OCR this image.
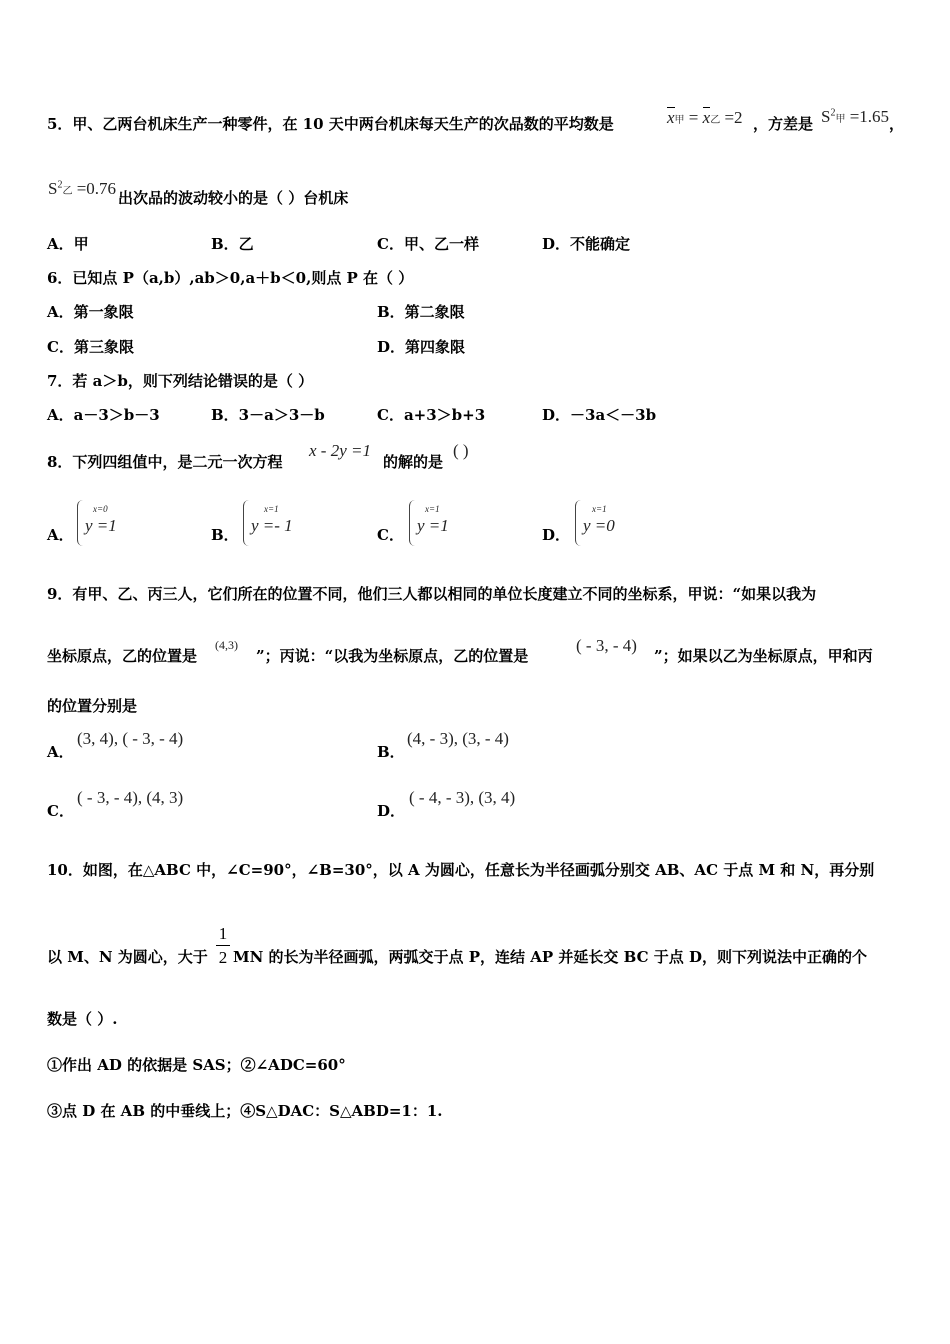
5．甲、乙两台机床生产一种零件，在 10 天中两台机床每天生产的次品数的平均数是	x甲 = x乙 =2 ，方差是 $S^2$甲 =1.65 ，
$S^2$乙 =0.76 出次品的波动较小的是（ ）台机床
A．甲	B．乙	C．甲、乙一样	D．不能确定
6．已知点 P（a,b）,ab＞0,a＋b＜0,则点 P 在（ ）
A．第一象限	B．第二象限
C．第三象限	D．第四象限
7．若 a＞b，则下列结论错误的是（ ）
A．a－3＞b－3	B．3－a＞3－b	C．a+3＞b+3	D．－3a＜－3b
8．下列四组值中，是二元一次方程
x - 2y =1
的解的是
( )
A．
x=0
y =1	B．
x=1
y =- 1	C．
x=1
y =1	D．
x=1
y =0
9．有甲、乙、丙三人，它们所在的位置不同，他们三人都以相同的单位长度建立不同的坐标系，甲说：“如果以我为
坐标原点，乙的位置是
(4,3)
”；丙说：“以我为坐标原点，乙的位置是
( - 3, - 4)
”；如果以乙为坐标原点，甲和丙
的位置分别是
A．
(3, 4), ( - 3, - 4)
B．
(4, - 3), (3, - 4)
C．
( - 3, - 4), (4, 3)
D．
( - 4, - 3), (3, 4)
10．如图，在△ABC 中，∠C=90°，∠B=30°，以 A 为圆心，任意长为半径画弧分别交 AB、AC 于点 M 和 N，再分别
以 M、N 为圆心，大于
1
2 MN 的长为半径画弧，两弧交于点 P，连结 AP 并延长交 BC 于点 D，则下列说法中正确的个
数是（ ）.
①作出 AD 的依据是 SAS；②∠ADC=60°
③点 D 在 AB 的中垂线上；④S△DAC：S△ABD=1：1.
